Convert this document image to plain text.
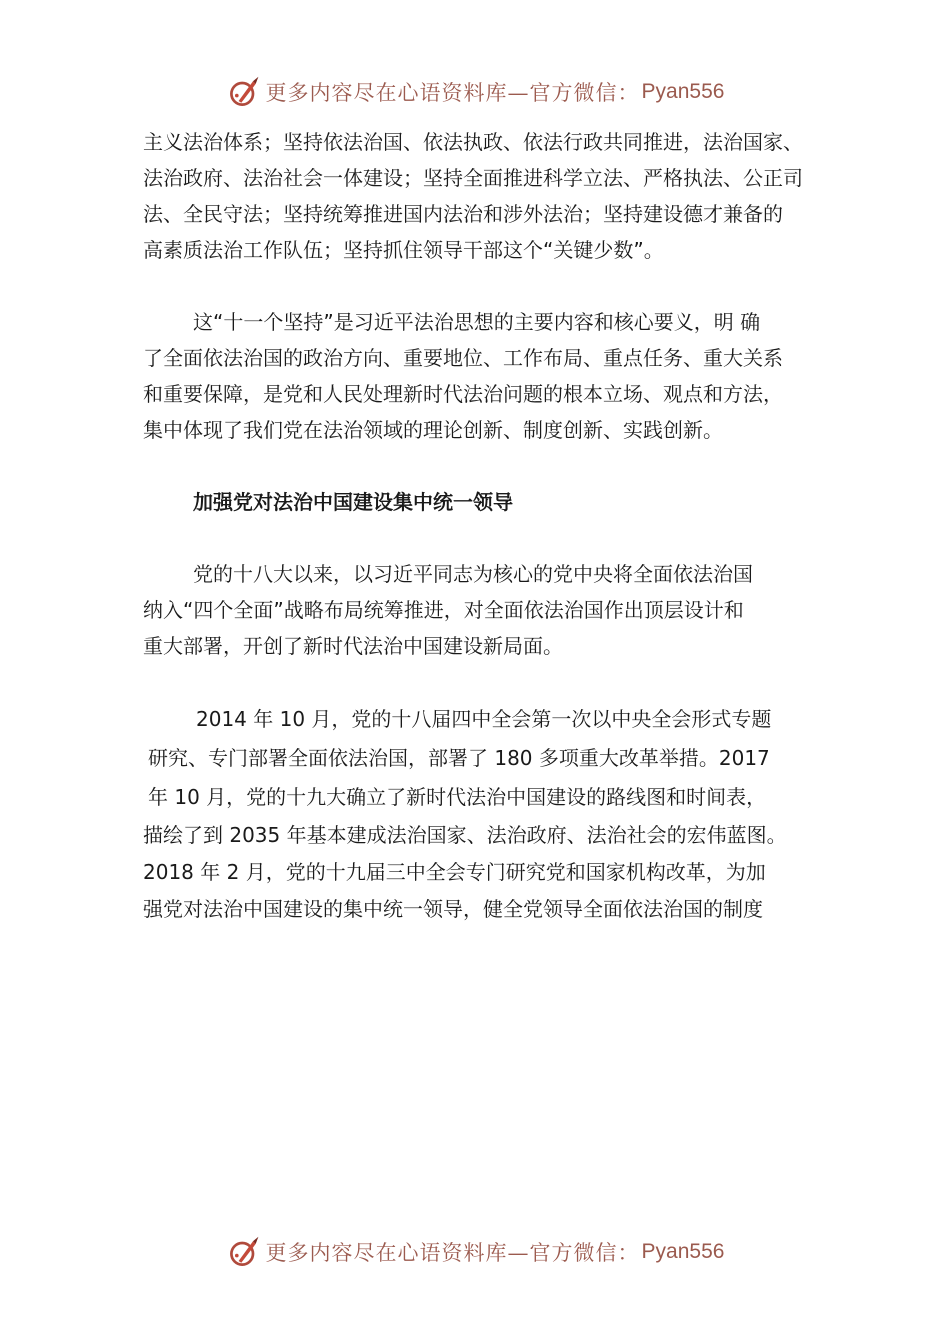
更多内容尽在心语资料库—官方微信： Pyan556
主义法治体系；坚持依法治国、依法执政、依法行政共同推进，法治国家、
法治政府、法治社会一体建设；坚持全面推进科学立法、严格执法、公正司
法、全民守法；坚持统筹推进国内法治和涉外法治；坚持建设德才兼备的
高素质法治工作队伍；坚持抓住领导干部这个“关键少数”。
这“十一个坚持”是习近平法治思想的主要内容和核心要义，明 确
了全面依法治国的政治方向、重要地位、工作布局、重点任务、重大关系
和重要保障，是党和人民处理新时代法治问题的根本立场、观点和方法，
集中体现了我们党在法治领域的理论创新、制度创新、实践创新。
加强党对法治中国建设集中统一领导
党的十八大以来，以习近平同志为核心的党中央将全面依法治国
纳入“四个全面”战略布局统筹推进，对全面依法治国作出顶层设计和
重大部署，开创了新时代法治中国建设新局面。
2014 年 10 月，党的十八届四中全会第一次以中央全会形式专题
研究、专门部署全面依法治国，部署了 180 多项重大改革举措。2017
年 10 月，党的十九大确立了新时代法治中国建设的路线图和时间表，
描绘了到 2035 年基本建成法治国家、法治政府、法治社会的宏伟蓝图。
2018 年 2 月，党的十九届三中全会专门研究党和国家机构改革，为加
强党对法治中国建设的集中统一领导，健全党领导全面依法治国的制度
更多内容尽在心语资料库—官方微信： Pyan556
